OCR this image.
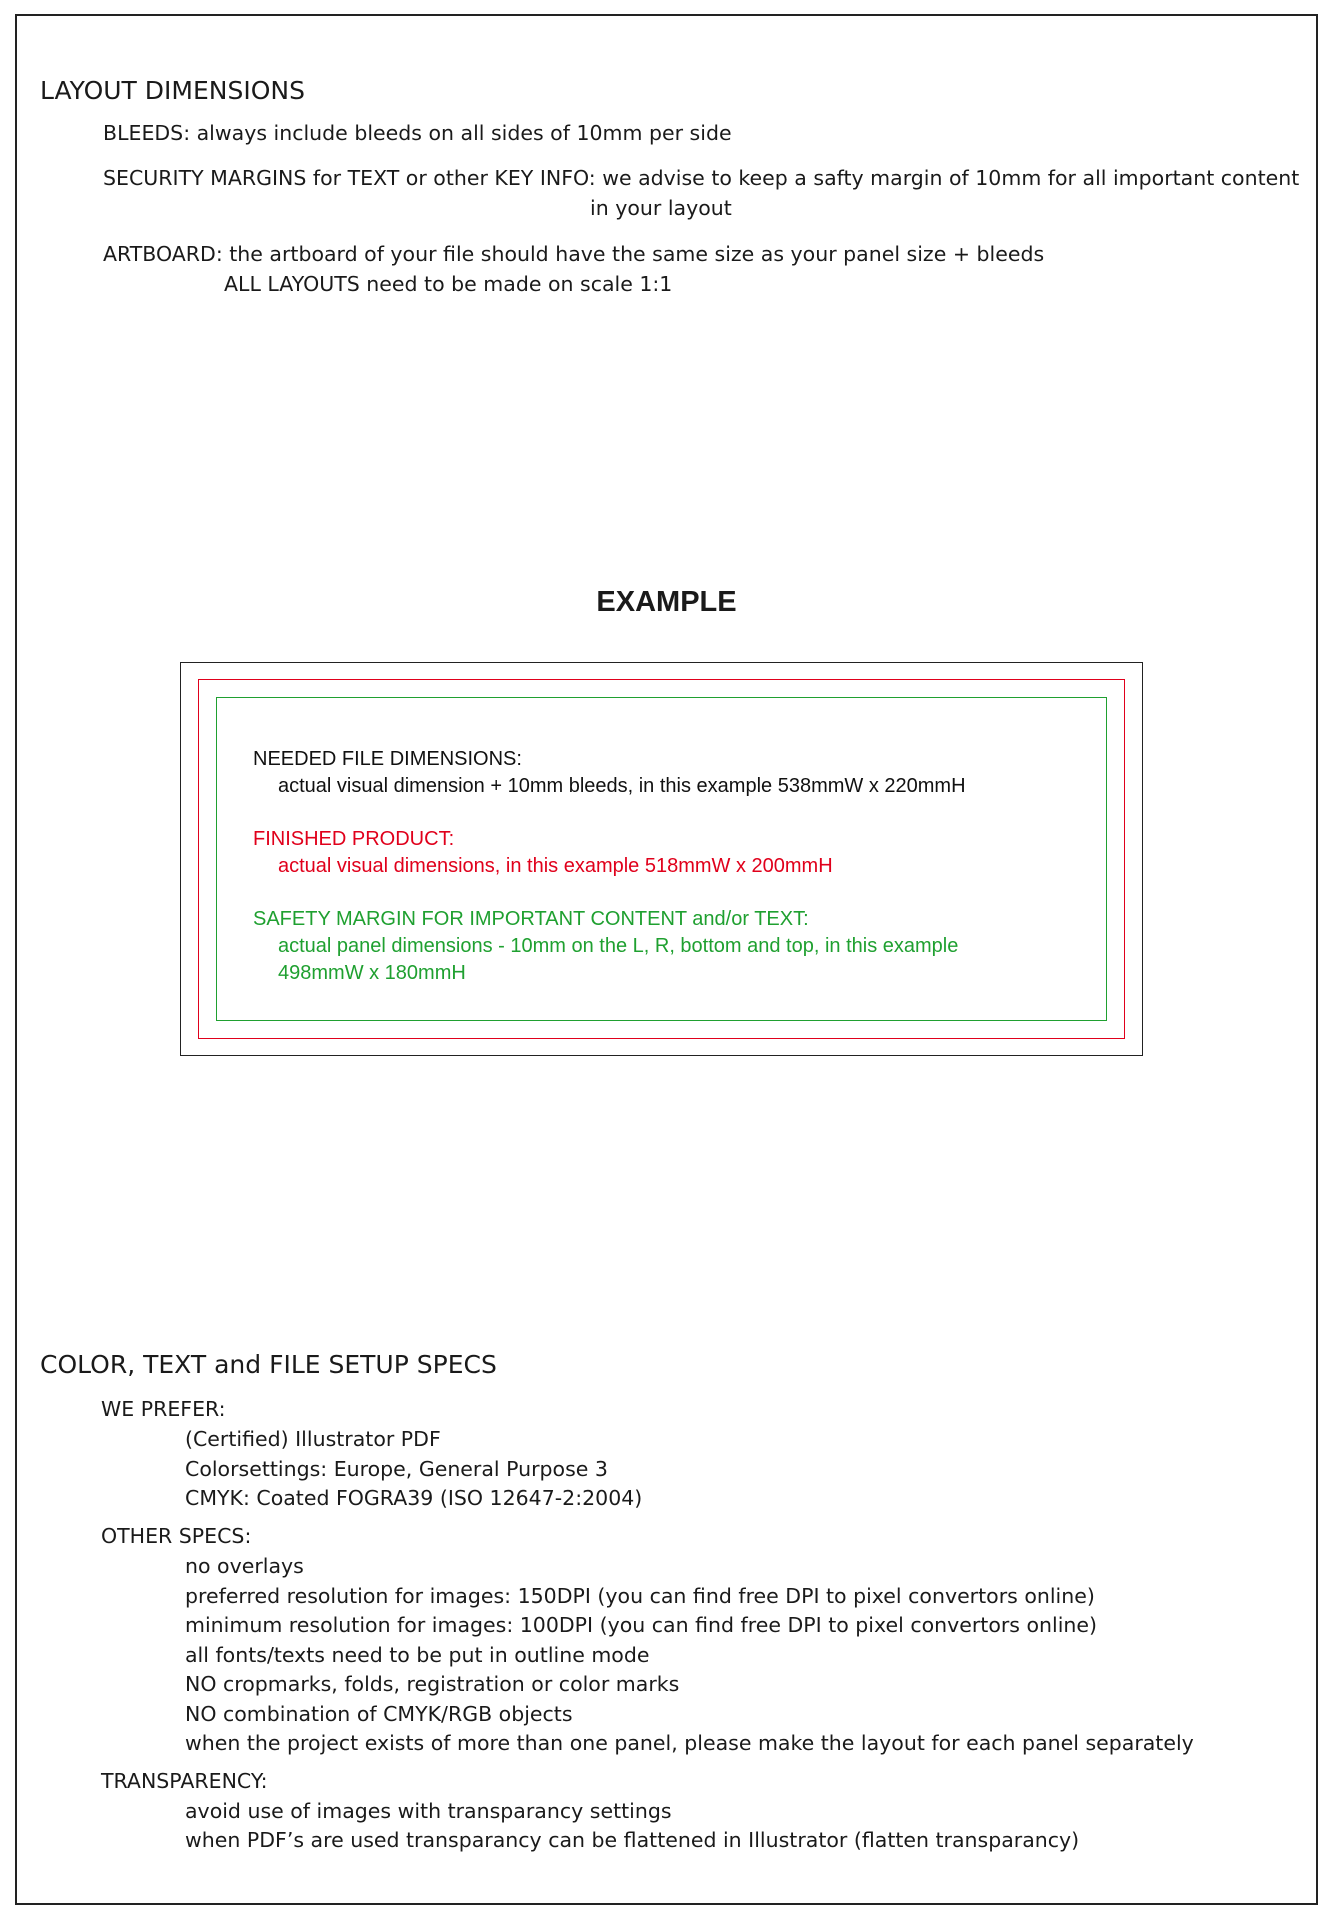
LAYOUT DIMENSIONS
BLEEDS: always include bleeds on all sides of 10mm per side
SECURITY MARGINS for TEXT or other KEY INFO: we advise to keep a safty margin of 10mm for all important content
in your layout
ARTBOARD: the artboard of your file should have the same size as your panel size + bleeds
ALL LAYOUTS need to be made on scale 1:1
EXAMPLE
NEEDED FILE DIMENSIONS:
actual visual dimension + 10mm bleeds, in this example 538mmW x 220mmH
FINISHED PRODUCT:
actual visual dimensions, in this example 518mmW x 200mmH
SAFETY MARGIN FOR IMPORTANT CONTENT and/or TEXT:
actual panel dimensions - 10mm on the L, R, bottom and top, in this example
498mmW x 180mmH
COLOR, TEXT and FILE SETUP SPECS
WE PREFER:
(Certified) Illustrator PDF
Colorsettings: Europe, General Purpose 3
CMYK: Coated FOGRA39 (ISO 12647-2:2004)
OTHER SPECS:
no overlays
preferred resolution for images: 150DPI (you can find free DPI to pixel convertors online)
minimum resolution for images: 100DPI (you can find free DPI to pixel convertors online)
all fonts/texts need to be put in outline mode
NO cropmarks, folds, registration or color marks
NO combination of CMYK/RGB objects
when the project exists of more than one panel, please make the layout for each panel separately
TRANSPARENCY:
avoid use of images with transparancy settings
when PDF’s are used transparancy can be flattened in Illustrator (flatten transparancy)
